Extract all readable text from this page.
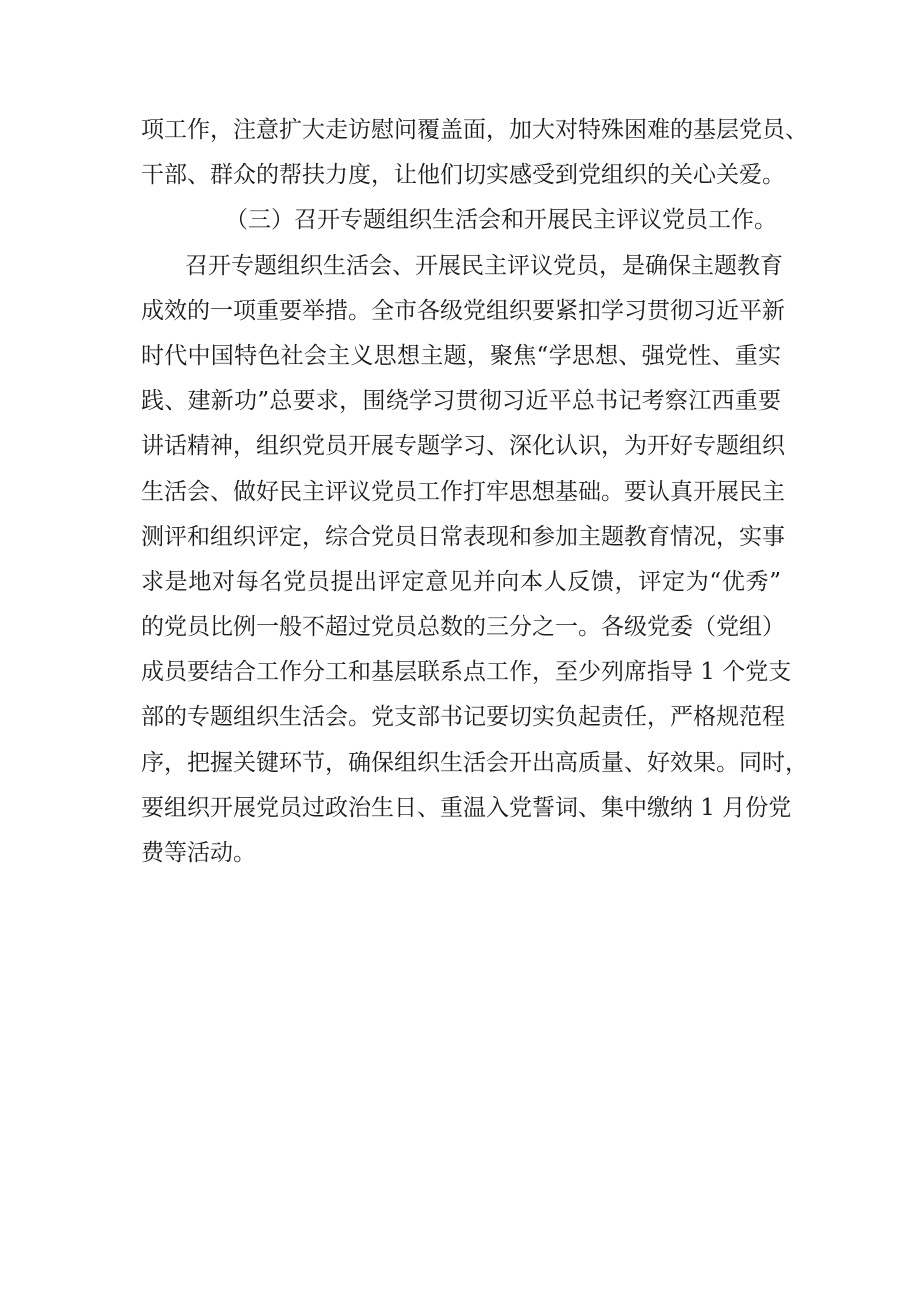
项工作，注意扩大走访慰问覆盖面，加大对特殊困难的基层党员、
干部、群众的帮扶力度，让他们切实感受到党组织的关心关爱。
（三）召开专题组织生活会和开展民主评议党员工作。
召开专题组织生活会、开展民主评议党员，是确保主题教育
成效的一项重要举措。全市各级党组织要紧扣学习贯彻习近平新
时代中国特色社会主义思想主题，聚焦“学思想、强党性、重实
践、建新功”总要求，围绕学习贯彻习近平总书记考察江西重要
讲话精神，组织党员开展专题学习、深化认识，为开好专题组织
生活会、做好民主评议党员工作打牢思想基础。要认真开展民主
测评和组织评定，综合党员日常表现和参加主题教育情况，实事
求是地对每名党员提出评定意见并向本人反馈，评定为“优秀”
的党员比例一般不超过党员总数的三分之一。各级党委（党组）
成员要结合工作分工和基层联系点工作，至少列席指导 1 个党支
部的专题组织生活会。党支部书记要切实负起责任，严格规范程
序，把握关键环节，确保组织生活会开出高质量、好效果。同时，
要组织开展党员过政治生日、重温入党誓词、集中缴纳 1 月份党
费等活动。
